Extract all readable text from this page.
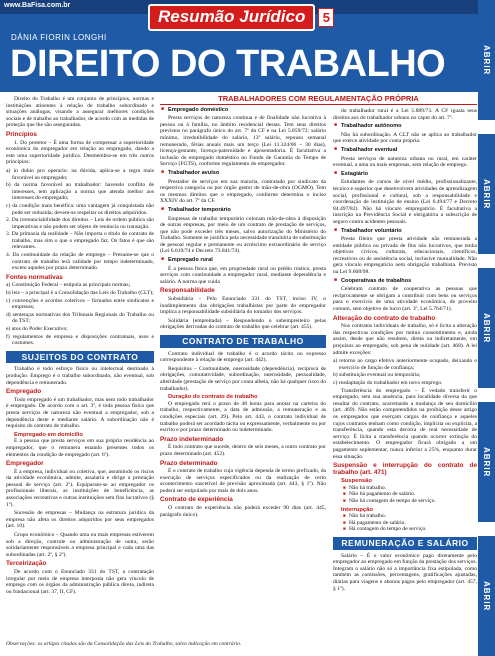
www.BaFisa.com.br
Resumão Jurídico	5
DÁNIA FIORIN LONGHI
DIREITO DO TRABALHO	ABRIR
ABRIR
ABRIR
ABRIR
ABRIR

Direito do Trabalho é um conjunto de princípios, normas e instituições atinentes à relação de trabalho subordinado e situações análogas, visando a assegurar melhores condições sociais e de trabalho ao trabalhador, de acordo com as medidas de proteção que lhe são asseguradas.

Princípios

1. Do protetor – É uma forma de compensar a superioridade econômica do empregador em relação ao empregado, dando a este uma superioridade jurídica. Desmembra-se em três outros princípios:

a) in dubio pro operario: na dúvida, aplica-se a regra mais favorável ao empregado;
b) da norma favorável ao trabalhador: havendo conflito de interesses, tem aplicação a norma que atenda melhor aos interesses do empregado;
c) da condição mais benéfica: uma vantagem já conquistada não pode ser reduzida; devem-se respeitar os direitos adquiridos.
2. Da irrenunciabilidade dos direitos – Leis de ordem pública são imperativas e não podem ser objeto de renúncia ou transação.
3. Da primazia da realidade – Não importa o título do contrato de trabalho, mas sim o que o empregado faz. Os fatos é que são relevantes.
4. Da continuidade da relação de emprego – Presume-se que o contrato de trabalho terá validade por tempo indeterminado, exceto aqueles por prazo determinado.
Fontes normativas
a) Constituição Federal – estipula as principais normas;
b) leis – a principal é a Consolidação das Leis do Trabalho (CLT);
c) convenções e acordos coletivos – firmados entre sindicatos e empresas;
d) sentenças normativas dos Tribunais Regionais do Trabalho ou do TST;
e) atos do Poder Executivo;
f) regulamentos de empresa e disposições contratuais, usos e costumes.
SUJEITOS DO CONTRATO

Trabalho é todo esforço físico ou intelectual destinado à produção. Emprego é o trabalho subordinado, não eventual, sob dependência e remunerado.

Empregado

Todo empregado é um trabalhador, mas nem todo trabalhador é empregado. De acordo com o art. 3º, é toda pessoa física que presta serviços de natureza não eventual a empregador, sob a dependência deste e mediante salário. A subordinação não é requisito do contrato de trabalho.

Empregado em domicílio

É a pessoa que presta serviços em sua própria residência ao empregador, que o remunera estando presentes todos os elementos da condição de empregado (art. 6º).

Empregador

É a empresa, individual ou coletiva, que, assumindo os riscos da atividade econômica, admite, assalaria e dirige a prestação pessoal de serviço (art. 2º). Equiparam-se ao empregador os profissionais liberais, as instituições de beneficência, as associações recreativas e outras instituições sem fins lucrativos (§ 1º).

Sucessão de empresas – Mudança na estrutura jurídica da empresa não afeta os direitos adquiridos por seus empregados (art. 10).

Grupo econômico – Quando uma ou mais empresas estiverem sob a direção, controle ou administração de outra, serão solidariamente responsáveis a empresa principal e cada uma das subordinadas (art. 2º, § 2º).

Terceirização

De acordo com o Enunciado 331 do TST, a contratação irregular por meio de empresa interposta não gera vínculo de emprego com os órgãos da administração pública direta, indireta ou fundacional (art. 37, II, CF).

TRABALHADORES COM REGULAMENTAÇÃO PRÓPRIA
■ Empregado doméstico

Presta serviços de natureza contínua e de finalidade não lucrativa à pessoa ou à família, no âmbito residencial destas. Tem seus direitos previstos no parágrafo único do art. 7º da CF e na Lei 5.859/72: salário mínimo, irredutibilidade do salário, 13º salário, repouso semanal remunerado, férias anuais mais um terço (Lei 11.324/06 – 30 dias), licença-gestante, licença-paternidade e aposentadoria. É facultativa a inclusão do empregado doméstico no Fundo de Garantia do Tempo de Serviço (FGTS), conforme regulamento do empregador.

■ Trabalhador avulso

Prestador de serviços em sua maioria, contratado por sindicato da respectiva categoria ou por órgão gestor de mão-de-obra (OGMO). Tem os mesmos direitos que o empregado, conforme determina o inciso XXXIV do art. 7º da CF.

■ Trabalhador temporário

Empresas de trabalho temporário colocam mão-de-obra à disposição de outras empresas, por meio de um contrato de prestação de serviços, que não pode exceder três meses, salvo autorização do Ministério do Trabalho. Somente se justifica pela necessidade transitória de substituição de pessoal regular e permanente ou acréscimo extraordinário de serviço (Lei 6.019/74 e Decreto 73.841/74).

■ Empregado rural

É a pessoa física que, em propriedade rural ou prédio rústico, presta serviços com continuidade a empregador rural, mediante dependência e salário. A norma que cuida

Responsabilidade

Subsidiária – Pelo Enunciado 331 do TST, inciso IV, o inadimplemento das obrigações trabalhistas por parte do empregador implica a responsabilidade subsidiária do tomador dos serviços.

Solidária (empreitada) – Respondendo o subempreiteiro pelas obrigações derivadas do contrato de trabalho que celebrar (art. 455).

CONTRATO DE TRABALHO

Contrato individual de trabalho é o acordo tácito ou expresso correspondente à relação de emprego (art. 442).

Requisitos – Continuidade, onerosidade (dependência), recíproca de obrigações, comutatividade, subordinação, onerosidade, pessoalidade, alteridade (prestação de serviço por conta alheia, não há qualquer risco do trabalhador).

Duração do contrato de trabalho

O empregado terá o prazo de 48 horas para anotar na carteira do trabalho, respectivamente, a data de admissão, a remuneração e as condições especiais (art. 29). Pelo art. 443, o contrato individual de trabalho poderá ser acordado tácita ou expressamente, verbalmente ou por escrito e por prazo determinado ou indeterminado.

Prazo indeterminado

É todo contrato que sucede, dentro de seis meses, a outro contrato por prazo determinado (art. 452).

Prazo determinado

É o contrato de trabalho cuja vigência dependa de termo prefixado, da execução de serviços especificados ou da realização de certo acontecimento suscetível de previsão aproximada (art. 443, § 1º). Não poderá ser estipulado por mais de dois anos.

Contrato de experiência

O contrato de experiência não poderá exceder 90 dias (art. 445, parágrafo único).

do trabalhador rural é a Lei 5.889/73. A CF iguala seus direitos aos do trabalhador urbano no caput do art. 7º.

■ Trabalhador autônomo

Não há subordinação. A CLT não se aplica ao trabalhador que exerce atividade por conta própria.

■ Trabalhador eventual

Presta serviços de natureza urbana ou rural, em caráter eventual, a uma ou mais empresas, sem relação de emprego.

■ Estagiário

Estudantes de cursos de nível médio, profissionalizante, técnico e superior que desenvolvem atividades de aprendizagem social, profissional e cultural, sob a responsabilidade e coordenação de instituição de ensino (Lei 6.494/77 e Decreto 84.497/82). Não há vínculo empregatício. É facultativa a inscrição na Previdência Social e obrigatória a subscrição de seguro contra acidentes pessoais.

■ Trabalhador voluntário

Presta fileiro que presta atividade não remunerada a entidade pública ou privada de fins não lucrativos, que tenha objetivos cívicos, culturais, educacionais, científicos, recreativos ou de assistência social, inclusive mutualidade. Não gera vínculo empregatício nem obrigação trabalhista. Previsto na Lei 9.608/98.

■ Cooperativas de trabalhos

Celebram contrato de cooperativa as pessoas que reciprocamente se obrigam a contribuir com bens ou serviços para o exercício de uma atividade econômica, de proveito comum, sem objetivo de lucro (art. 3º, Lei 5.764/71).

Alteração do contrato de trabalho

Nos contratos individuais de trabalho, só é lícita a alteração das respectivas condições por mútuo consentimento e, ainda assim, desde que não resultem, direta ou indiretamente, em prejuízos ao empregado, sob pena de nulidade (art. 468). A lei admite exceções:

a) retorno ao cargo efetivo anteriormente ocupado, deixando o exercício de função de confiança;
b) substituição eventual ou temporária;
c) readaptação do trabalhador em novo emprego.

Transferência do empregado – É vedado transferir o empregado, sem sua anuência, para localidade diversa da que resultar do contrato, acarretando a mudança de seu domicílio (art. 469). Não estão compreendidos na proibição desse artigo os empregados que exerçam cargos de confiança e aqueles cujos contratos tenham como condição, implícita ou explícita, a transferência, quando esta decorra de real necessidade de serviço. É lícita a transferência quando ocorrer extinção do estabelecimento. O empregador ficará obrigado a um pagamento suplementar, nunca inferior a 25%, enquanto durar essa situação.

Suspensão e interrupção do contrato de trabalho (art. 471)
Suspensão
■ Não há trabalho.
■ Não há pagamento de salário.
■ Não há contagem de tempo de serviço.
Interrupção
■ Não há trabalho.
■ Há pagamento de salário.
■ Há contagem do tempo de serviço.
REMUNERAÇÃO E SALÁRIO

Salário – É o valor econômico pago diretamente pelo empregador ao empregado em função da prestação dos serviços. Integram o salário não só a importância fixa estipulada, como também as comissões, percentagens, gratificações ajustadas, diárias para viagens e abonos pagos pelo empregador (art. 457, § 1º).

Observações: os artigos citados são da Consolidação das Leis do Trabalho, salvo indicação em contrário.
